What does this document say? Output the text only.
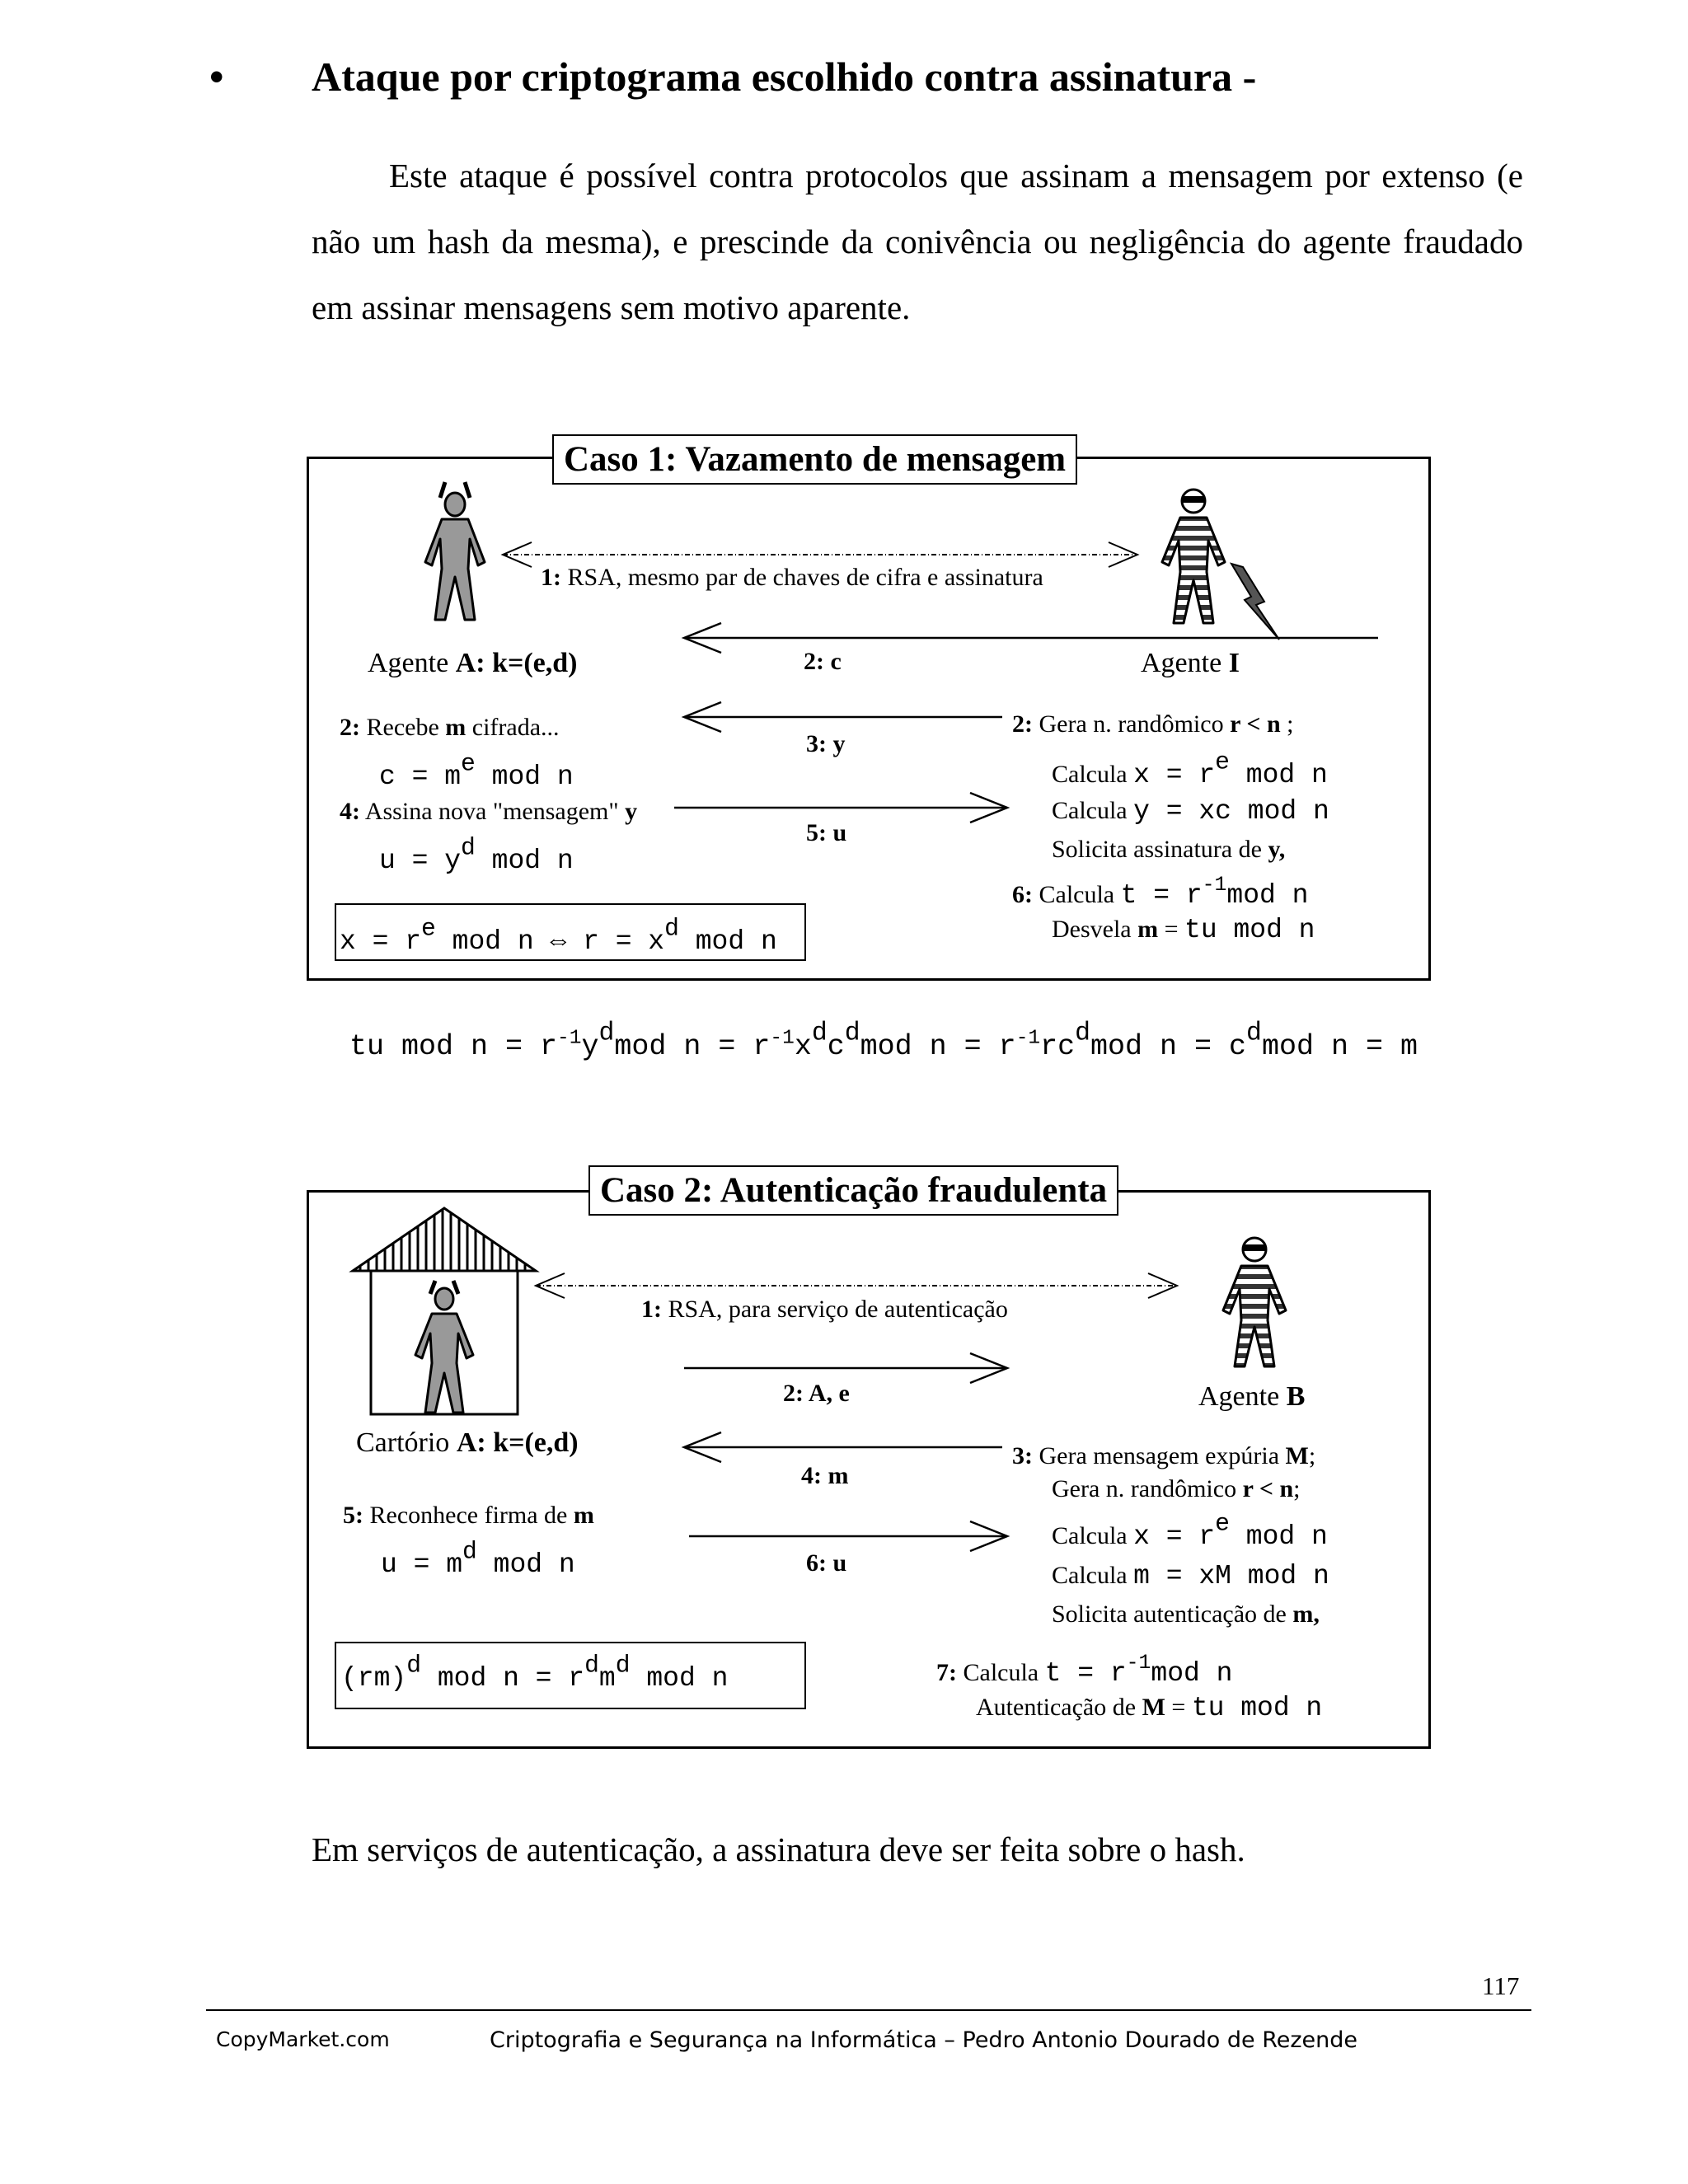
• Ataque por criptograma escolhido contra assinatura -
Este ataque é possível contra protocolos que assinam a mensagem por extenso (e não um hash da mesma), e prescinde da conivência ou negligência do agente fraudado em assinar mensagens sem motivo aparente.
Caso 1: Vazamento de mensagem
1: RSA, mesmo par de chaves de cifra e assinatura
Agente A: k=(e,d)	Agente I
2: c
3: y
5: u
2: Recebe m cifrada...
$c = m^e$ mod n
4: Assina nova "mensagem" y
$u = y^d$ mod n
$x = r^e$ mod n ⇔ $r = x^d$ mod n
2: Gera n. randômico r < n ;
Calcula $x = r^e$ mod n
Calcula y = xc mod n
Solicita assinatura de y,
6: Calcula $t = r^{-1}mod$ n
Desvela m = tu mod n
tu mod $n = r^{-1}y^dmod$ $n = r^{-1}x^dc^dmod$ $n = r^{-1}rc^dmod$ $n = c^dmod$ n = m
Caso 2: Autenticação fraudulenta
1: RSA, para serviço de autenticação
2: A, e
4: m
6: u
Cartório A: k=(e,d)
Agente B
5: Reconhece firma de m
$u = m^d$ mod n
(rm)$^d$ mod $n = r^dm^d$ mod n
3: Gera mensagem expúria M;
Gera n. randômico r < n;
Calcula $x = r^e$ mod n
Calcula m = xM mod n
Solicita autenticação de m,
7: Calcula $t = r^{-1}mod$ n
Autenticação de M = tu mod n
Em serviços de autenticação, a assinatura deve ser feita sobre o hash.
117
CopyMarket.com	Criptografia e Segurança na Informática – Pedro Antonio Dourado de Rezende
